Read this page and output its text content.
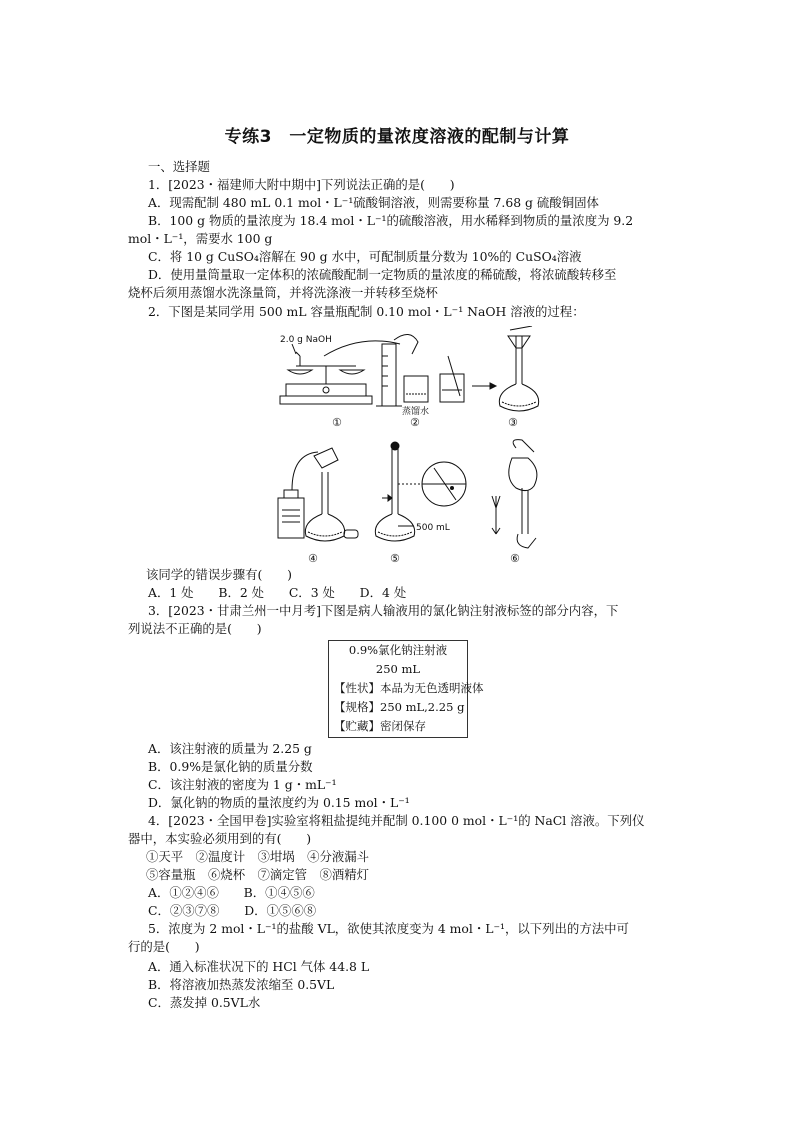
专练3　一定物质的量浓度溶液的配制与计算
一、选择题
1．[2023・福建师大附中期中]下列说法正确的是(　　)
A．现需配制 480 mL 0.1 mol・L⁻¹硫酸铜溶液，则需要称量 7.68 g 硫酸铜固体
B．100 g 物质的量浓度为 18.4 mol・L⁻¹的硫酸溶液，用水稀释到物质的量浓度为 9.2
mol・L⁻¹，需要水 100 g
C．将 10 g CuSO₄溶解在 90 g 水中，可配制质量分数为 10%的 CuSO₄溶液
D．使用量筒量取一定体积的浓硫酸配制一定物质的量浓度的稀硫酸，将浓硫酸转移至
烧杯后须用蒸馏水洗涤量筒，并将洗涤液一并转移至烧杯
2．下图是某同学用 500 mL 容量瓶配制 0.10 mol・L⁻¹ NaOH 溶液的过程：
2.0 g NaOH
蒸馏水
①	②	③
500 mL
④	⑤	⑥
该同学的错误步骤有(　　)
A．1 处　　B．2 处　　C．3 处　　D．4 处
3．[2023・甘肃兰州一中月考]下图是病人输液用的氯化钠注射液标签的部分内容，下
列说法不正确的是(　　)
0.9%氯化钠注射液
250 mL
【性状】本品为无色透明液体
【规格】250 mL,2.25 g
【贮藏】密闭保存
A．该注射液的质量为 2.25 g
B．0.9%是氯化钠的质量分数
C．该注射液的密度为 1 g・mL⁻¹
D．氯化钠的物质的量浓度约为 0.15 mol・L⁻¹
4．[2023・全国甲卷]实验室将粗盐提纯并配制 0.100 0 mol・L⁻¹的 NaCl 溶液。下列仪
器中，本实验必须用到的有(　　)
①天平　②温度计　③坩埚　④分液漏斗
⑤容量瓶　⑥烧杯　⑦滴定管　⑧酒精灯
A．①②④⑥　　B．①④⑤⑥
C．②③⑦⑧　　D．①⑤⑥⑧
5．浓度为 2 mol・L⁻¹的盐酸 VL，欲使其浓度变为 4 mol・L⁻¹，以下列出的方法中可
行的是(　　)
A．通入标准状况下的 HCl 气体 44.8 L
B．将溶液加热蒸发浓缩至 0.5VL
C．蒸发掉 0.5VL水
